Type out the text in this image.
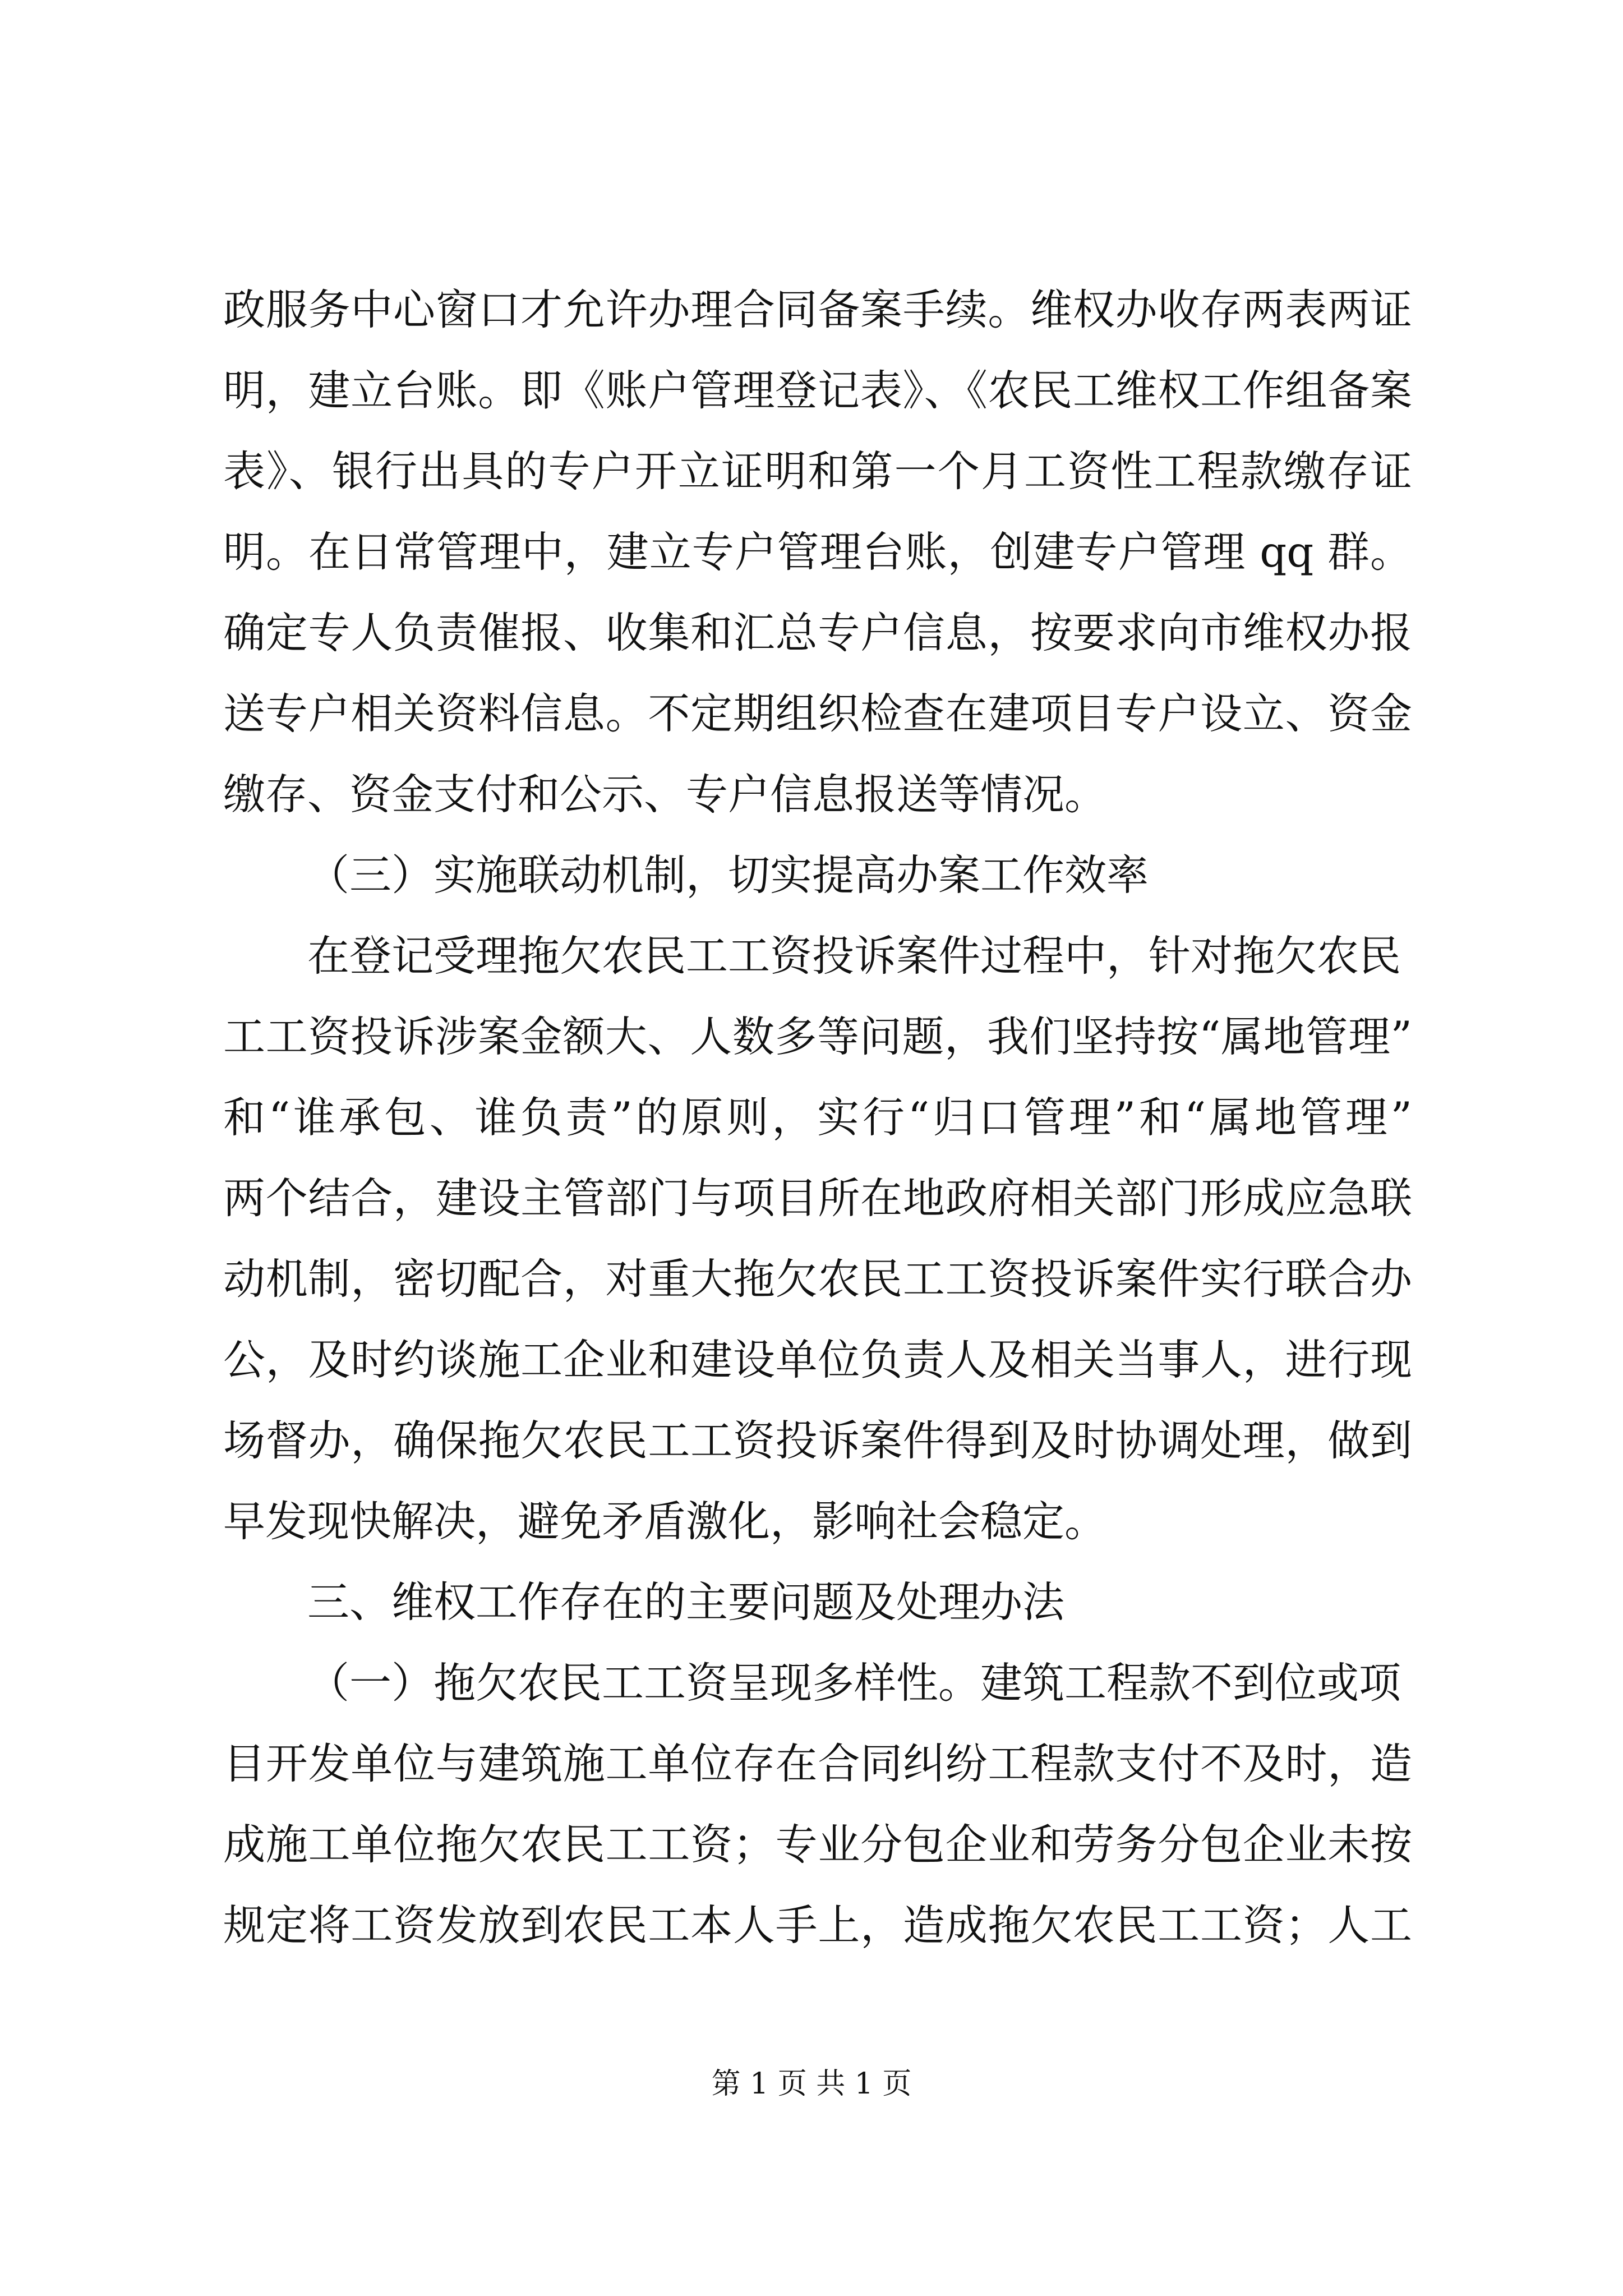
政服务中心窗口才允许办理合同备案手续。维权办收存两表两证
明，建立台账。即《账户管理登记表》、《农民工维权工作组备案
表》、银行出具的专户开立证明和第一个月工资性工程款缴存证
明。在日常管理中，建立专户管理台账，创建专户管理 qq 群。
确定专人负责催报、收集和汇总专户信息，按要求向市维权办报
送专户相关资料信息。不定期组织检查在建项目专户设立、资金
缴存、资金支付和公示、专户信息报送等情况。
（三）实施联动机制，切实提高办案工作效率
在登记受理拖欠农民工工资投诉案件过程中，针对拖欠农民
工工资投诉涉案金额大、人数多等问题，我们坚持按“属地管理”
和“谁承包、谁负责”的原则，实行“归口管理”和“属地管理”
两个结合，建设主管部门与项目所在地政府相关部门形成应急联
动机制，密切配合，对重大拖欠农民工工资投诉案件实行联合办
公，及时约谈施工企业和建设单位负责人及相关当事人，进行现
场督办，确保拖欠农民工工资投诉案件得到及时协调处理，做到
早发现快解决，避免矛盾激化，影响社会稳定。
三、维权工作存在的主要问题及处理办法
（一）拖欠农民工工资呈现多样性。建筑工程款不到位或项
目开发单位与建筑施工单位存在合同纠纷工程款支付不及时，造
成施工单位拖欠农民工工资；专业分包企业和劳务分包企业未按
规定将工资发放到农民工本人手上，造成拖欠农民工工资；人工
第 1 页 共 1 页
